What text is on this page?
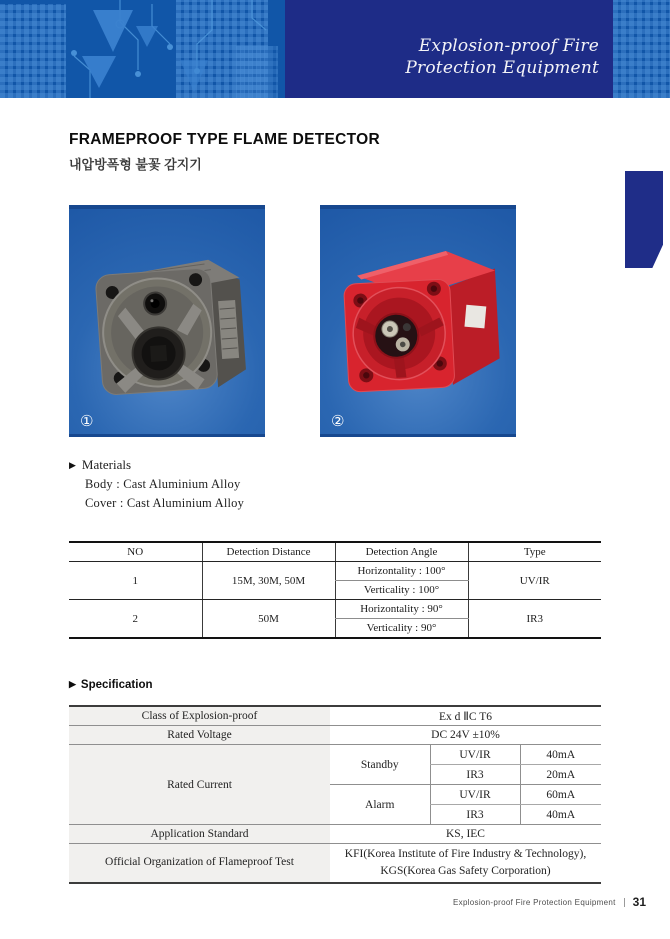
Explosion-proof Fire
Protection Equipment
FRAMEPROOF TYPE FLAME DETECTOR
내압방폭형 불꽃 감지기
①	②
▶ Materials
Body : Cast Aluminium Alloy
Cover : Cast Aluminium Alloy
NO	Detection Distance	Detection Angle	Type
1	15M, 30M, 50M	Horizontality : 100°	UV/IR
		Verticality : 100°	
2	50M	Horizontality : 90°	IR3
		Verticality : 90°	
▶ Specification
Class of Explosion-proof	Ex d ⅡC T6		
Rated Voltage	DC 24V ±10%		
Rated Current	Standby	UV/IR	40mA
		IR3	20mA
	Alarm	UV/IR	60mA
		IR3	40mA
Application Standard	KS, IEC		
Official Organization of Flameproof Test	KFI(Korea Institute of Fire Industry & Technology),
KGS(Korea Gas Safety Corporation)		
Explosion-proof Fire Protection Equipment 31
